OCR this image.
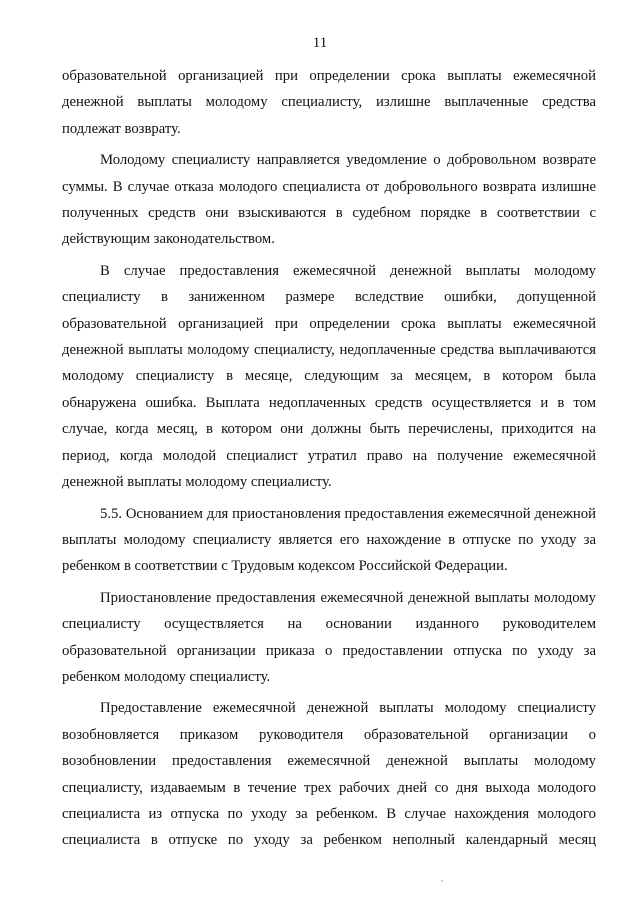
11

образовательной организацией при определении срока выплаты ежемесячной денежной выплаты молодому специалисту, излишне выплаченные средства подлежат возврату.

Молодому специалисту направляется уведомление о добровольном возврате суммы. В случае отказа молодого специалиста от добровольного возврата излишне полученных средств они взыскиваются в судебном порядке в соответствии с действующим законодательством.

В случае предоставления ежемесячной денежной выплаты молодому специалисту в заниженном размере вследствие ошибки, допущенной образовательной организацией при определении срока выплаты ежемесячной денежной выплаты молодому специалисту, недоплаченные средства выплачиваются молодому специалисту в месяце, следующим за месяцем, в котором была обнаружена ошибка. Выплата недоплаченных средств осуществляется и в том случае, когда месяц, в котором они должны быть перечислены, приходится на период, когда молодой специалист утратил право на получение ежемесячной денежной выплаты молодому специалисту.

5.5. Основанием для приостановления предоставления ежемесячной денежной выплаты молодому специалисту является его нахождение в отпуске по уходу за ребенком в соответствии с Трудовым кодексом Российской Федерации.

Приостановление предоставления ежемесячной денежной выплаты молодому специалисту осуществляется на основании изданного руководителем образовательной организации приказа о предоставлении отпуска по уходу за ребенком молодому специалисту.

Предоставление ежемесячной денежной выплаты молодому специалисту возобновляется приказом руководителя образовательной организации о возобновлении предоставления ежемесячной денежной выплаты молодому специалисту, издаваемым в течение трех рабочих дней со дня выхода молодого специалиста из отпуска по уходу за ребенком. В случае нахождения молодого специалиста в отпуске по уходу за ребенком неполный календарный месяц
